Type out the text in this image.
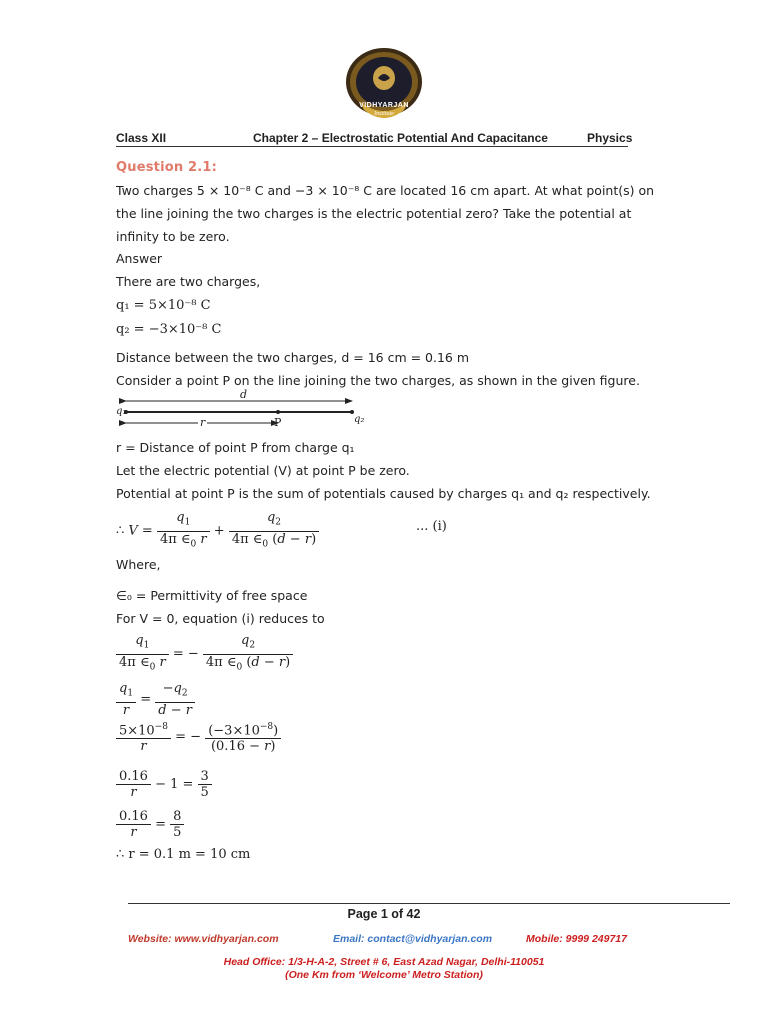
VIDHYARJAN
Institute
Class XII	Chapter 2 – Electrostatic Potential And Capacitance	Physics
Question 2.1:
Two charges 5 × 10⁻⁸ C and −3 × 10⁻⁸ C are located 16 cm apart. At what point(s) on
the line joining the two charges is the electric potential zero? Take the potential at
infinity to be zero.
Answer
There are two charges,
q₁ = 5×10⁻⁸ C
q₂ = −3×10⁻⁸ C
Distance between the two charges, d = 16 cm = 0.16 m
Consider a point P on the line joining the two charges, as shown in the given figure.
d
r	P
q₁
q₂
r = Distance of point P from charge q₁
Let the electric potential (V) at point P be zero.
Potential at point P is the sum of potentials caused by charges q₁ and q₂ respectively.
∴ $V = \frac{q_1}{4\pi \in_0 r} + \frac{q_2}{4\pi \in_0 (d - r)}$	... (i)
Where,
∈₀ = Permittivity of free space
For V = 0, equation (i) reduces to
$\frac{q_1}{4\pi \in_0 r}$ = − $\frac{q_2}{4\pi \in_0 (d - r)}$
$\frac{q_1}{r} = \frac{-q_2}{d - r}$
$\frac{5\times 10^{-8}}{r}$ = − $\frac{(-3\times 10^{-8})}{(0.16 - r)}$
$\frac{0.16}{r} - 1 = \frac{3}{5}$
$\frac{0.16}{r} = \frac{8}{5}$
∴ r = 0.1 m = 10 cm
Page 1 of 42
Website: www.vidhyarjan.com	Email: contact@vidhyarjan.com	Mobile: 9999 249717
Head Office: 1/3-H-A-2, Street # 6, East Azad Nagar, Delhi-110051
(One Km from ‘Welcome’ Metro Station)
